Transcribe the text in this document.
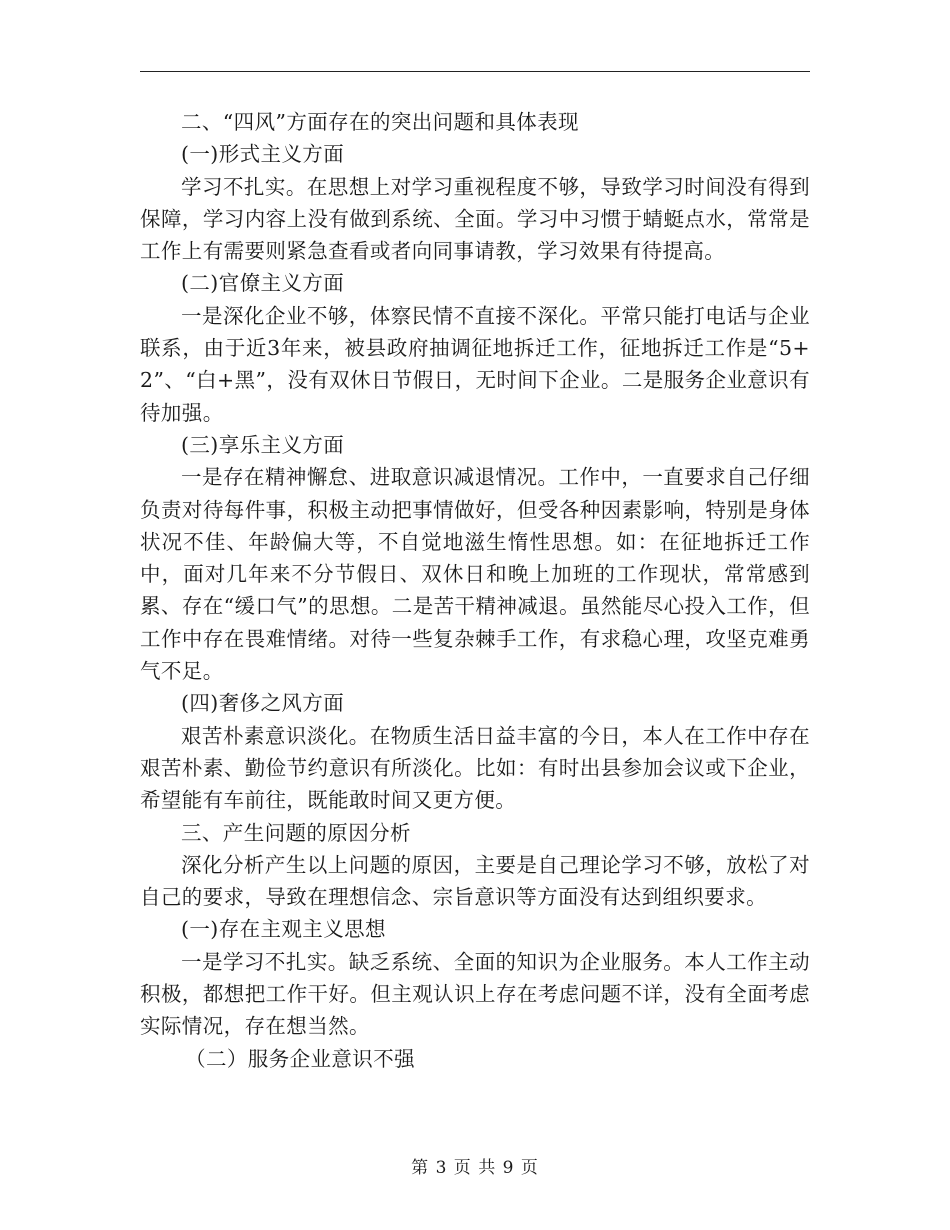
二、“四风”方面存在的突出问题和具体表现

(一)形式主义方面

学习不扎实。在思想上对学习重视程度不够，导致学习时间没有得到保障，学习内容上没有做到系统、全面。学习中习惯于蜻蜓点水，常常是工作上有需要则紧急查看或者向同事请教，学习效果有待提高。

(二)官僚主义方面

一是深化企业不够，体察民情不直接不深化。平常只能打电话与企业联系，由于近3年来，被县政府抽调征地拆迁工作，征地拆迁工作是“5+2”、“白+黑”，没有双休日节假日，无时间下企业。二是服务企业意识有待加强。

(三)享乐主义方面

一是存在精神懈怠、进取意识减退情况。工作中，一直要求自己仔细负责对待每件事，积极主动把事情做好，但受各种因素影响，特别是身体状况不佳、年龄偏大等，不自觉地滋生惰性思想。如：在征地拆迁工作中，面对几年来不分节假日、双休日和晚上加班的工作现状，常常感到累、存在“缓口气”的思想。二是苦干精神减退。虽然能尽心投入工作，但工作中存在畏难情绪。对待一些复杂棘手工作，有求稳心理，攻坚克难勇气不足。

(四)奢侈之风方面

艰苦朴素意识淡化。在物质生活日益丰富的今日，本人在工作中存在艰苦朴素、勤俭节约意识有所淡化。比如：有时出县参加会议或下企业，希望能有车前往，既能敢时间又更方便。

三、产生问题的原因分析

深化分析产生以上问题的原因，主要是自己理论学习不够，放松了对自己的要求，导致在理想信念、宗旨意识等方面没有达到组织要求。

(一)存在主观主义思想

一是学习不扎实。缺乏系统、全面的知识为企业服务。本人工作主动积极，都想把工作干好。但主观认识上存在考虑问题不详，没有全面考虑实际情况，存在想当然。

（二）服务企业意识不强

第 3 页 共 9 页
